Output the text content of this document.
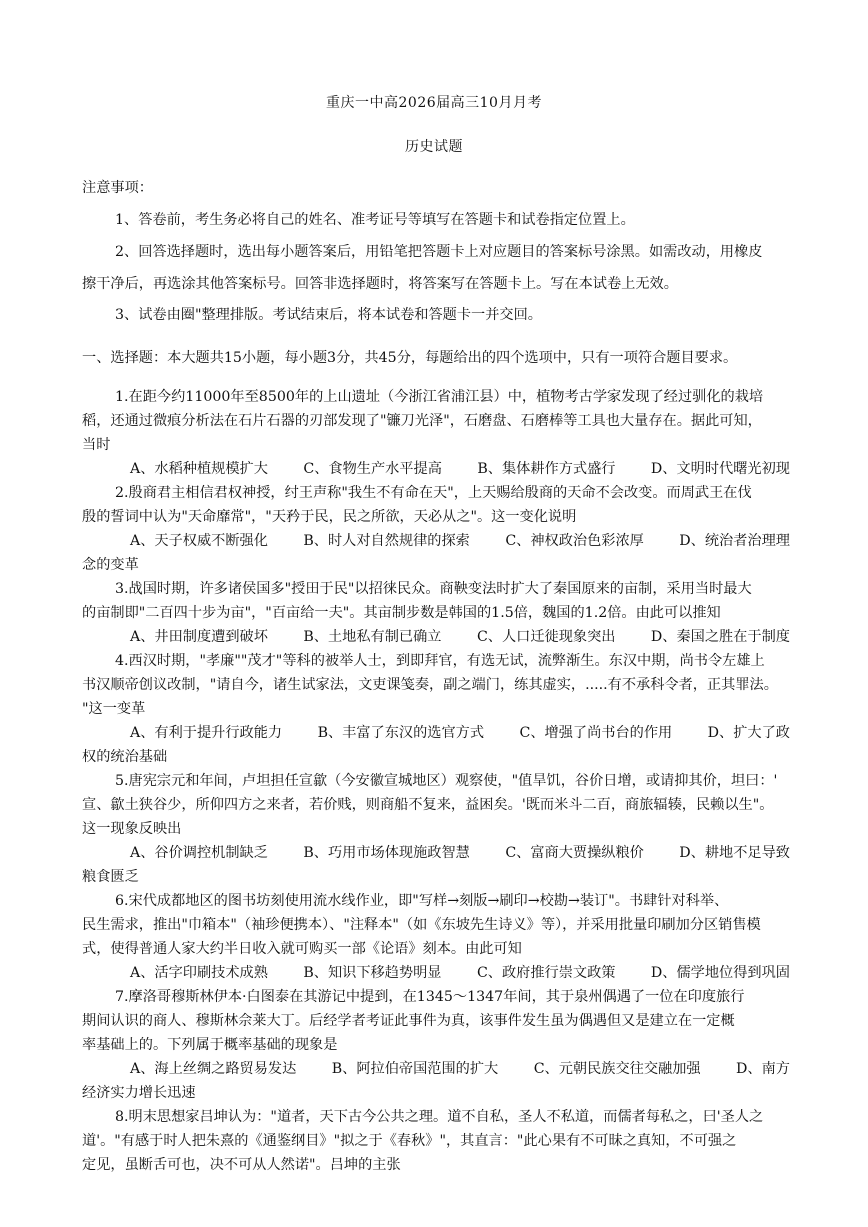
重庆一中高2026届高三10月月考
历史试题
注意事项：
1、答卷前，考生务必将自己的姓名、准考证号等填写在答题卡和试卷指定位置上。
2、回答选择题时，选出每小题答案后，用铅笔把答题卡上对应题目的答案标号涂黑。如需改动，用橡皮
擦干净后，再选涂其他答案标号。回答非选择题时，将答案写在答题卡上。写在本试卷上无效。
3、试卷由圈"整理排版。考试结束后，将本试卷和答题卡一并交回。
一、选择题：本大题共15小题，每小题3分，共45分，每题给出的四个选项中，只有一项符合题目要求。
1.在距今约11000年至8500年的上山遗址（今浙江省浦江县）中，植物考古学家发现了经过驯化的栽培
稻，还通过微痕分析法在石片石器的刃部发现了"镰刀光泽"，石磨盘、石磨棒等工具也大量存在。据此可知，
当时
A、水稻种植规模扩大 C、食物生产水平提高 B、集体耕作方式盛行 D、文明时代曙光初现
2.殷商君主相信君权神授，纣王声称"我生不有命在天"，上天赐给殷商的天命不会改变。而周武王在伐
殷的誓词中认为"天命靡常"，"天矜于民，民之所欲，天必从之"。这一变化说明
A、天子权威不断强化 B、时人对自然规律的探索 C、神权政治色彩浓厚 D、统治者治理理
念的变革
3.战国时期，许多诸侯国多"授田于民"以招徕民众。商鞅变法时扩大了秦国原来的亩制，采用当时最大
的亩制即"二百四十步为亩"，"百亩给一夫"。其亩制步数是韩国的1.5倍，魏国的1.2倍。由此可以推知
A、井田制度遭到破坏 B、土地私有制已确立 C、人口迁徙现象突出 D、秦国之胜在于制度
4.西汉时期，"孝廉""茂才"等科的被举人士，到即拜官，有选无试，流弊渐生。东汉中期，尚书令左雄上
书汉顺帝创议改制，"请自今，诸生试家法，文吏课笺奏，副之端门，练其虚实，.....有不承科令者，正其罪法。
"这一变革
A、有利于提升行政能力 B、丰富了东汉的选官方式 C、增强了尚书台的作用 D、扩大了政
权的统治基础
5.唐宪宗元和年间，卢坦担任宣歙（今安徽宣城地区）观察使，"值旱饥，谷价日增，或请抑其价，坦曰：'
宣、歙土狭谷少，所仰四方之来者，若价贱，则商船不复来，益困矣。'既而米斗二百，商旅辐辏，民赖以生"。
这一现象反映出
A、谷价调控机制缺乏 B、巧用市场体现施政智慧 C、富商大贾操纵粮价 D、耕地不足导致
粮食匮乏
6.宋代成都地区的图书坊刻使用流水线作业，即"写样→刻版→刷印→校勘→装订"。书肆针对科举、
民生需求，推出"巾箱本"（袖珍便携本）、"注释本"（如《东坡先生诗义》等），并采用批量印刷加分区销售模
式，使得普通人家大约半日收入就可购买一部《论语》刻本。由此可知
A、活字印刷技术成熟 B、知识下移趋势明显 C、政府推行崇文政策 D、儒学地位得到巩固
7.摩洛哥穆斯林伊本·白图泰在其游记中提到，在1345～1347年间，其于泉州偶遇了一位在印度旅行
期间认识的商人、穆斯林佘莱大丁。后经学者考证此事件为真，该事件发生虽为偶遇但又是建立在一定概
率基础上的。下列属于概率基础的现象是
A、海上丝绸之路贸易发达 B、阿拉伯帝国范围的扩大 C、元朝民族交往交融加强 D、南方
经济实力增长迅速
8.明末思想家吕坤认为："道者，天下古今公共之理。道不自私，圣人不私道，而儒者每私之，曰'圣人之
道'。"有感于时人把朱熹的《通鉴纲目》"拟之于《春秋》"，其直言："此心果有不可昧之真知，不可强之
定见，虽断舌可也，决不可从人然诺"。吕坤的主张
